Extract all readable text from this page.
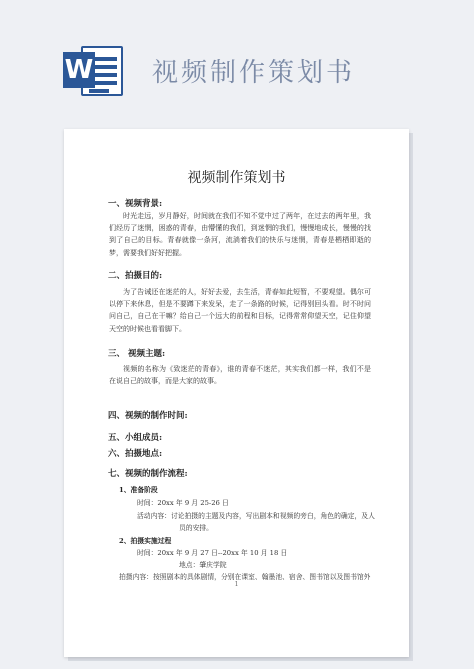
W 视频制作策划书
视频制作策划书
一、视频背景:
时光走远，岁月静好，时间就在我们不知不觉中过了两年，在过去的两年里，我们经历了迷惘，困惑的青春，由懵懂的我们，到迷惘的我们，慢慢地成长，慢慢的找到了自己的目标。青春就像一条河，流淌着我们的快乐与迷惘，青春是栖栖即逝的梦，需要我们好好把握。
二、拍摄目的:
为了告诫还在迷茫的人，好好去爱，去生活，青春如此短暂，不要观望。偶尔可以停下来休息，但是不要蹲下来发呆，走了一条路的时候，记得别回头看。时不时问问自己，自己在干嘛？给自己一个远大的前程和目标，记得常常仰望天空，记住仰望天空的时候也看看脚下。
三、 视频主题:
视频的名称为《致迷茫的青春》，谁的青春不迷茫，其实我们都一样，我们不是在说自己的故事，而是大家的故事。
四、视频的制作时间:
五、小组成员:
六、拍摄地点:
七、视频的制作流程:
1、准备阶段
时间：20xx 年 9 月 25-26 日
活动内容：讨论拍摄的主题及内容，写出剧本和视频的旁白，角色的确定，及人
员的安排。
2、拍摄实施过程
时间：20xx 年 9 月 27 日--20xx 年 10 月 18 日
地点：肇庆学院
拍摄内容：按照剧本的具体剧情，分别在课室、翰墨池、宿舍、图书馆以及图书馆外
1
